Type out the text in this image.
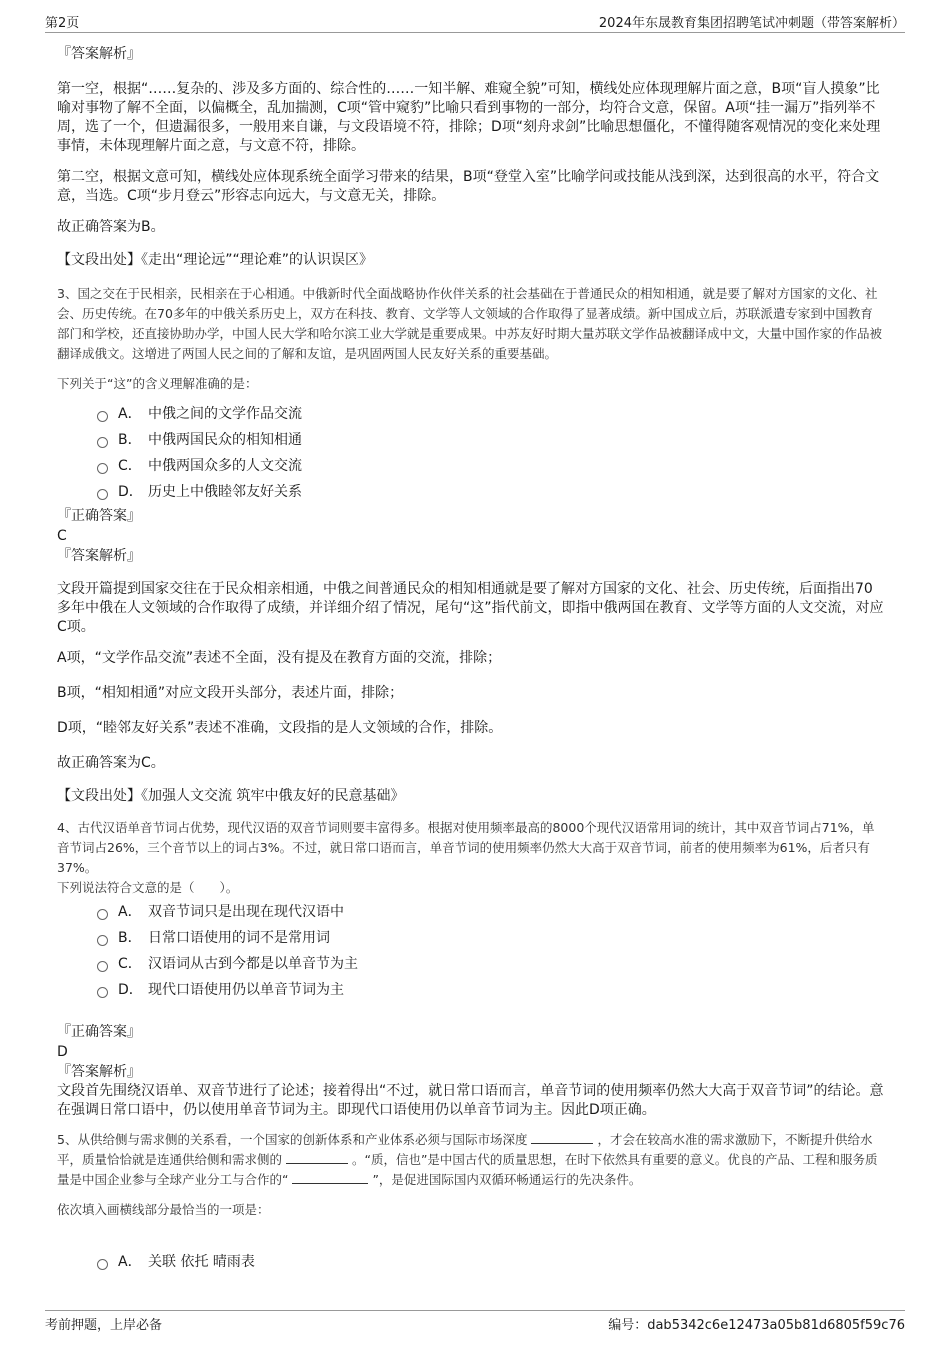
第2页	2024年东晟教育集团招聘笔试冲刺题（带答案解析）
『答案解析』

第一空，根据“……复杂的、涉及多方面的、综合性的……一知半解、难窥全貌”可知，横线处应体现理解片面之意，B项“盲人摸象”比喻对事物了解不全面，以偏概全，乱加揣测，C项“管中窥豹”比喻只看到事物的一部分，均符合文意，保留。A项“挂一漏万”指列举不周，选了一个，但遗漏很多，一般用来自谦，与文段语境不符，排除；D项“刻舟求剑”比喻思想僵化，不懂得随客观情况的变化来处理事情，未体现理解片面之意，与文意不符，排除。

第二空，根据文意可知，横线处应体现系统全面学习带来的结果，B项“登堂入室”比喻学问或技能从浅到深，达到很高的水平，符合文意，当选。C项“步月登云”形容志向远大，与文意无关，排除。

故正确答案为B。

【文段出处】《走出“理论远”“理论难”的认识误区》

3、国之交在于民相亲，民相亲在于心相通。中俄新时代全面战略协作伙伴关系的社会基础在于普通民众的相知相通，就是要了解对方国家的文化、社会、历史传统。在70多年的中俄关系历史上，双方在科技、教育、文学等人文领域的合作取得了显著成绩。新中国成立后，苏联派遣专家到中国教育部门和学校，还直接协助办学，中国人民大学和哈尔滨工业大学就是重要成果。中苏友好时期大量苏联文学作品被翻译成中文，大量中国作家的作品被翻译成俄文。这增进了两国人民之间的了解和友谊，是巩固两国人民友好关系的重要基础。

下列关于“这”的含义理解准确的是：

A． 中俄之间的文学作品交流
B． 中俄两国民众的相知相通
C． 中俄两国众多的人文交流
D． 历史上中俄睦邻友好关系
『正确答案』
C
『答案解析』

文段开篇提到国家交往在于民众相亲相通，中俄之间普通民众的相知相通就是要了解对方国家的文化、社会、历史传统，后面指出70多年中俄在人文领域的合作取得了成绩，并详细介绍了情况，尾句“这”指代前文，即指中俄两国在教育、文学等方面的人文交流，对应C项。

A项，“文学作品交流”表述不全面，没有提及在教育方面的交流，排除；

B项，“相知相通”对应文段开头部分，表述片面，排除；

D项，“睦邻友好关系”表述不准确，文段指的是人文领域的合作，排除。

故正确答案为C。

【文段出处】《加强人文交流 筑牢中俄友好的民意基础》

4、古代汉语单音节词占优势，现代汉语的双音节词则要丰富得多。根据对使用频率最高的8000个现代汉语常用词的统计，其中双音节词占71%，单音节词占26%，三个音节以上的词占3%。不过，就日常口语而言，单音节词的使用频率仍然大大高于双音节词，前者的使用频率为61%，后者只有37%。

下列说法符合文意的是（　　）。

A． 双音节词只是出现在现代汉语中
B． 日常口语使用的词不是常用词
C． 汉语词从古到今都是以单音节为主
D． 现代口语使用仍以单音节词为主
『正确答案』
D
『答案解析』

文段首先围绕汉语单、双音节进行了论述；接着得出“不过，就日常口语而言，单音节词的使用频率仍然大大高于双音节词”的结论。意在强调日常口语中，仍以使用单音节词为主。即现代口语使用仍以单音节词为主。因此D项正确。

5、从供给侧与需求侧的关系看，一个国家的创新体系和产业体系必须与国际市场深度	，才会在较高水准的需求激励下，不断提升供给水平，质量恰恰就是连通供给侧和需求侧的	。“质，信也”是中国古代的质量思想，在时下依然具有重要的意义。优良的产品、工程和服务质量是中国企业参与全球产业分工与合作的“	”，是促进国际国内双循环畅通运行的先决条件。

依次填入画横线部分最恰当的一项是：

A． 关联 依托 晴雨表
考前押题，上岸必备	编号：dab5342c6e12473a05b81d6805f59c76
